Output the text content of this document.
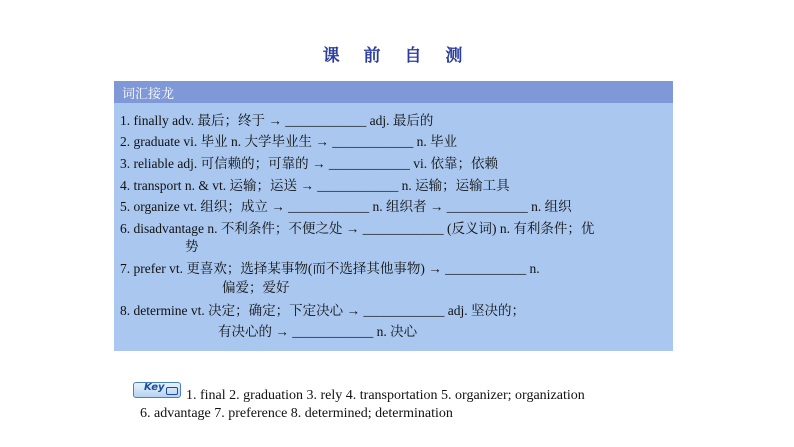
课 前 自 测
词汇接龙
1. finally adv. 最后；终于 → ____________ adj. 最后的
2. graduate vi. 毕业 n. 大学毕业生 → ____________ n. 毕业
3. reliable adj. 可信赖的；可靠的 → ____________ vi. 依靠；依赖
4. transport n. & vt. 运输；运送 → ____________ n. 运输；运输工具
5. organize vt. 组织；成立 → ____________ n. 组织者 → ____________ n. 组织
6. disadvantage n. 不利条件；不便之处 → ____________ (反义词) n. 有利条件；优
势
7. prefer vt. 更喜欢；选择某事物(而不选择其他事物) → ____________ n.
偏爱；爱好
8. determine vt. 决定；确定；下定决心 → ____________ adj. 坚决的；
有决心的 → ____________ n. 决心
Key
1. final 2. graduation 3. rely 4. transportation 5. organizer; organization
6. advantage 7. preference 8. determined; determination
